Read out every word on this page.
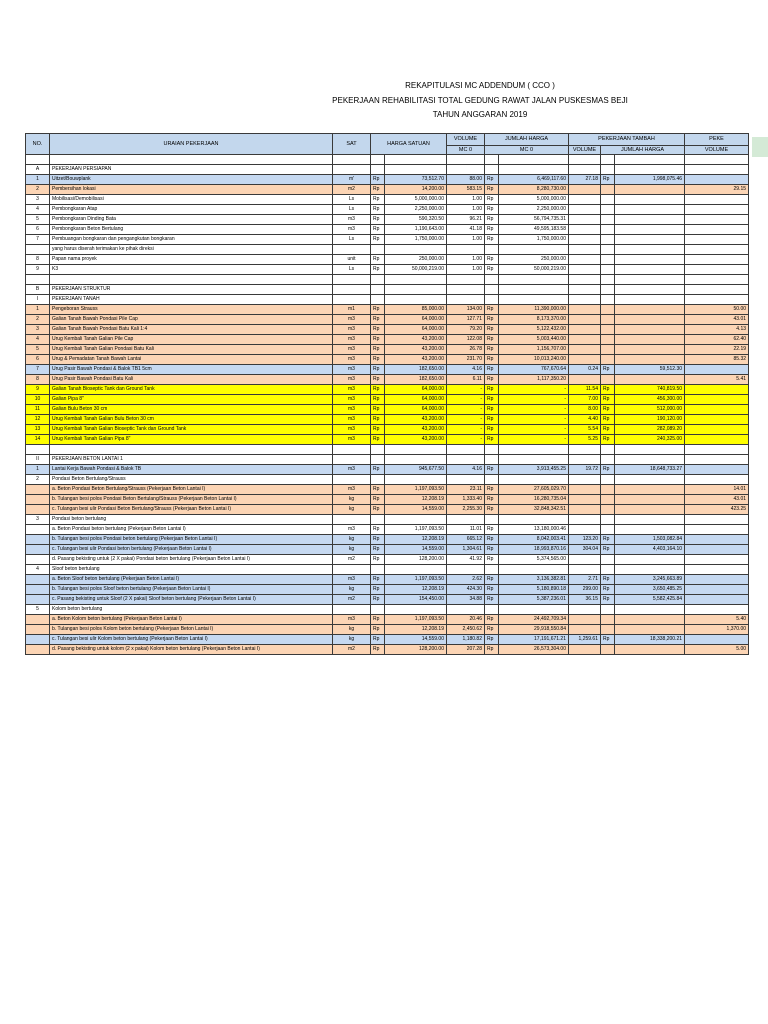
REKAPITULASI MC ADDENDUM ( CCO )
PEKERJAAN REHABILITASI TOTAL GEDUNG RAWAT JALAN PUSKESMAS BEJI
TAHUN ANGGARAN 2019
NO.	URAIAN PEKERJAAN	SAT	HARGA SATUAN		VOLUME	JUMLAH HARGA		PEKERJAAN TAMBAH			PEKE
					MC 0	MC 0		VOLUME	JUMLAH HARGA		VOLUME

A	PEKERJAAN PERSIAPAN										
1	Uitzet/Bouwplank	m'	Rp	73,512.70	88.00	Rp	6,469,117.60	27.18	Rp	1,998,075.46	
2	Pembersihan lokasi	m2	Rp	14,200.00	583.15	Rp	8,280,730.00				29.15
3	Mobilisasi/Demobilisasi	Ls	Rp	5,000,000.00	1.00	Rp	5,000,000.00				
4	Pembongkaran Atap	Ls	Rp	2,250,000.00	1.00	Rp	2,250,000.00				
5	Pembongkaran Dinding Bata	m3	Rp	590,320.50	96.21	Rp	56,794,735.31				
6	Pembongkaran Beton Bertulang	m3	Rp	1,190,643.00	41.18	Rp	49,595,183.58				
7	Pembuangan bongkaran dan pengangkutan bongkaran	Ls	Rp	1,750,000.00	1.00	Rp	1,750,000.00				
	yang harus diserah terimakan ke pihak direksi										
8	Papan nama proyek	unit	Rp	250,000.00	1.00	Rp	250,000.00				
9	K3	Ls	Rp	50,000,219.00	1.00	Rp	50,000,219.00				

B	PEKERJAAN STRUKTUR										
I	PEKERJAAN TANAH										
1	Pengeboran Strauss	m1	Rp	85,000.00	134.00	Rp	11,390,000.00				50.00
2	Galian Tanah Bawah Pondasi Pile Cap	m3	Rp	64,000.00	127.71	Rp	8,173,370.00				43.01
3	Galian Tanah Bawah Pondasi Batu Kali 1:4	m3	Rp	64,000.00	79.20	Rp	5,122,432.00				4.13
4	Urug Kembali Tanah Galian Pile Cap	m3	Rp	43,200.00	122.08	Rp	5,003,440.00				62.40
5	Urug Kembali Tanah Galian Pondasi Batu Kali	m3	Rp	43,200.00	26.78	Rp	1,156,707.00				22.19
6	Urug & Pemadatan Tanah Bawah Lantai	m3	Rp	43,200.00	231.70	Rp	10,013,240.00				85.32
7	Urug Pasir Bawah Pondasi & Balok TB1 5cm	m3	Rp	182,650.00	4.16	Rp	767,670.64	0.24	Rp	59,512.30	
8	Urug Pasir Bawah Pondasi Batu Kali	m3	Rp	182,650.00	6.11	Rp	1,117,350.20				5.41
9	Galian Tanah Bioseptic Tank dan Ground Tank	m3	Rp	64,000.00	-	Rp	-	11.54	Rp	740,819.50	
10	Galian Pipa 8"	m3	Rp	64,000.00	-	Rp	-	7.00	Rp	456,300.00	
11	Galian Bulu Beton 30 cm	m3	Rp	64,000.00	-	Rp	-	8.00	Rp	512,000.00	
12	Urug Kembali Tanah Galian Bulu Beton 30 cm	m3	Rp	43,200.00	-	Rp	-	4.40	Rp	190,120.00	
13	Urug Kembali Tanah Galian Bioseptic Tank dan Ground Tank	m3	Rp	43,200.00	-	Rp	-	5.54	Rp	282,089.20	
14	Urug Kembali Tanah Galian Pipa 8"	m3	Rp	43,200.00	-	Rp	-	5.25	Rp	240,325.00	

II	PEKERJAAN BETON LANTAI 1										
1	Lantai Kerja Bawah Pondasi & Balok TB	m3	Rp	945,677.50	4.16	Rp	3,913,455.25	19.72	Rp	18,648,733.27	
2	Pondasi Beton Bertulang/Strauss										
	a. Beton Pondasi Beton Bertulang/Strauss (Pekerjaan Beton Lantai I)	m3	Rp	1,197,093.50	23.11	Rp	27,605,029.70				14.01
	b. Tulangan besi polos Pondasi Beton Bertulang/Strauss (Pekerjaan Beton Lantai I)	kg	Rp	12,208.19	1,333.40	Rp	16,280,735.04				43.01
	c. Tulangan besi ulir Pondasi Beton Bertulang/Strauss (Pekerjaan Beton Lantai I)	kg	Rp	14,559.00	2,255.30	Rp	32,848,342.51				423.25
3	Pondasi beton bertulang										
	a. Beton Pondasi beton bertulang (Pekerjaan Beton Lantai I)	m3	Rp	1,197,093.50	11.01	Rp	13,180,000.46				
	b. Tulangan besi polos Pondasi beton bertulang (Pekerjaan Beton Lantai I)	kg	Rp	12,208.19	665.12	Rp	8,042,003.41	123.20	Rp	1,503,082.84	
	c. Tulangan besi ulir Pondasi beton bertulang (Pekerjaan Beton Lantai I)	kg	Rp	14,559.00	1,304.61	Rp	18,993,870.16	304.04	Rp	4,403,164.10	
	d. Pasang bekisting untuk (2 X pakai) Pondasi beton bertulang (Pekerjaan Beton Lantai I)	m2	Rp	128,200.00	41.92	Rp	5,374,565.00				
4	Sloof beton bertulang										
	a. Beton Sloof beton bertulang (Pekerjaan Beton Lantai I)	m3	Rp	1,197,093.50	2.62	Rp	3,136,382.81	2.71	Rp	3,245,663.89	
	b. Tulangan besi polos Sloof beton bertulang (Pekerjaan Beton Lantai I)	kg	Rp	12,208.19	424.30	Rp	5,180,890.18	299.00	Rp	3,650,485.25	
	c. Pasang bekisting untuk Sloof (2 X pakai) Sloof beton bertulang (Pekerjaan Beton Lantai I)	m2	Rp	154,450.00	34.88	Rp	5,387,236.01	36.15	Rp	5,582,425.84	
5	Kolom beton bertulang										
	a. Beton Kolom beton bertulang (Pekerjaan Beton Lantai I)	m3	Rp	1,197,093.50	20.46	Rp	24,492,709.34				5.40
	b. Tulangan besi polos Kolom beton bertulang (Pekerjaan Beton Lantai I)	kg	Rp	12,208.19	2,450.62	Rp	29,918,550.84				1,370.00
	c. Tulangan besi ulir Kolom beton bertulang (Pekerjaan Beton Lantai I)	kg	Rp	14,559.00	1,180.82	Rp	17,191,671.21	1,259.61	Rp	18,338,200.21	
	d. Pasang bekisting untuk kolom (2 x pakai) Kolom beton bertulang (Pekerjaan Beton Lantai I)	m2	Rp	128,200.00	207.28	Rp	26,573,304.00				5.00
